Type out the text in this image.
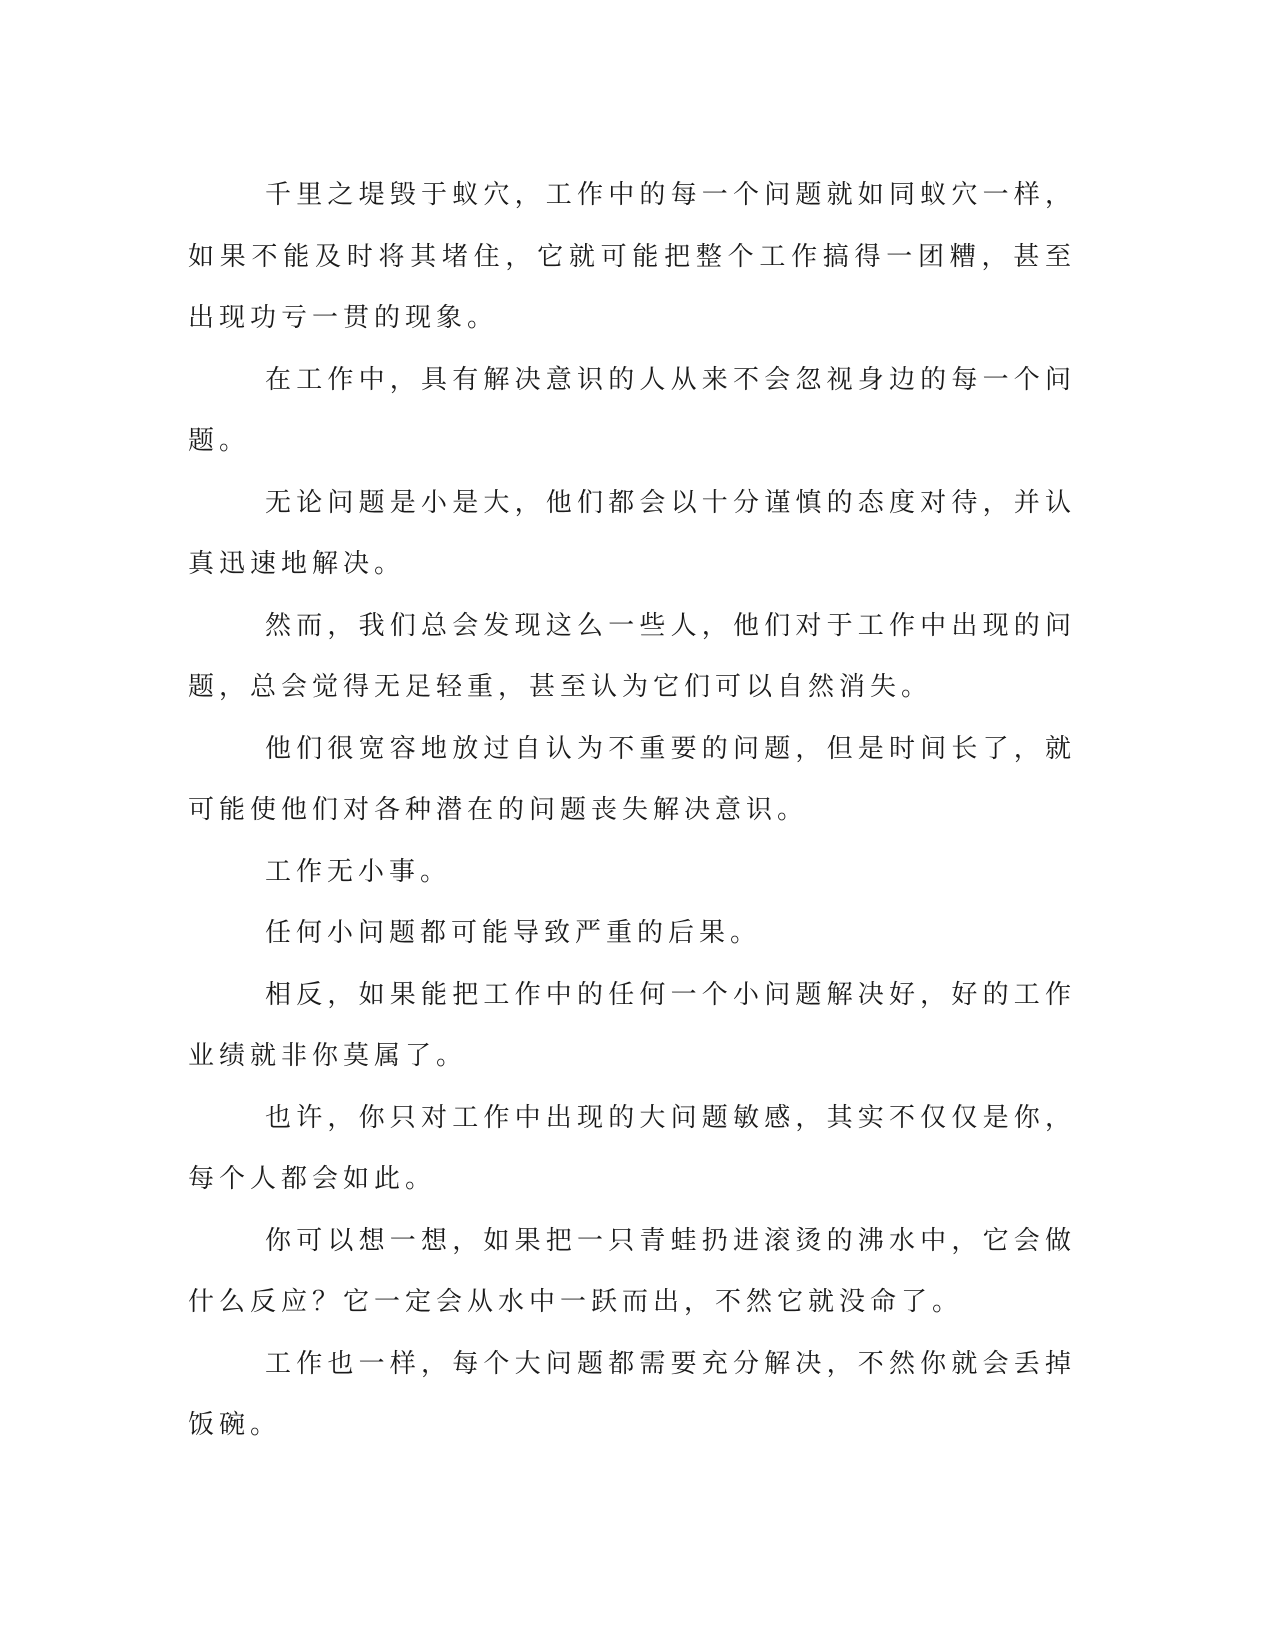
千里之堤毁于蚁穴，工作中的每一个问题就如同蚁穴一样，如果不能及时将其堵住，它就可能把整个工作搞得一团糟，甚至出现功亏一贯的现象。

在工作中，具有解决意识的人从来不会忽视身边的每一个问题。

无论问题是小是大，他们都会以十分谨慎的态度对待，并认真迅速地解决。

然而，我们总会发现这么一些人，他们对于工作中出现的问题，总会觉得无足轻重，甚至认为它们可以自然消失。

他们很宽容地放过自认为不重要的问题，但是时间长了，就可能使他们对各种潜在的问题丧失解决意识。

工作无小事。

任何小问题都可能导致严重的后果。

相反，如果能把工作中的任何一个小问题解决好，好的工作业绩就非你莫属了。

也许，你只对工作中出现的大问题敏感，其实不仅仅是你，每个人都会如此。

你可以想一想，如果把一只青蛙扔进滚烫的沸水中，它会做什么反应？它一定会从水中一跃而出，不然它就没命了。

工作也一样，每个大问题都需要充分解决，不然你就会丢掉饭碗。
